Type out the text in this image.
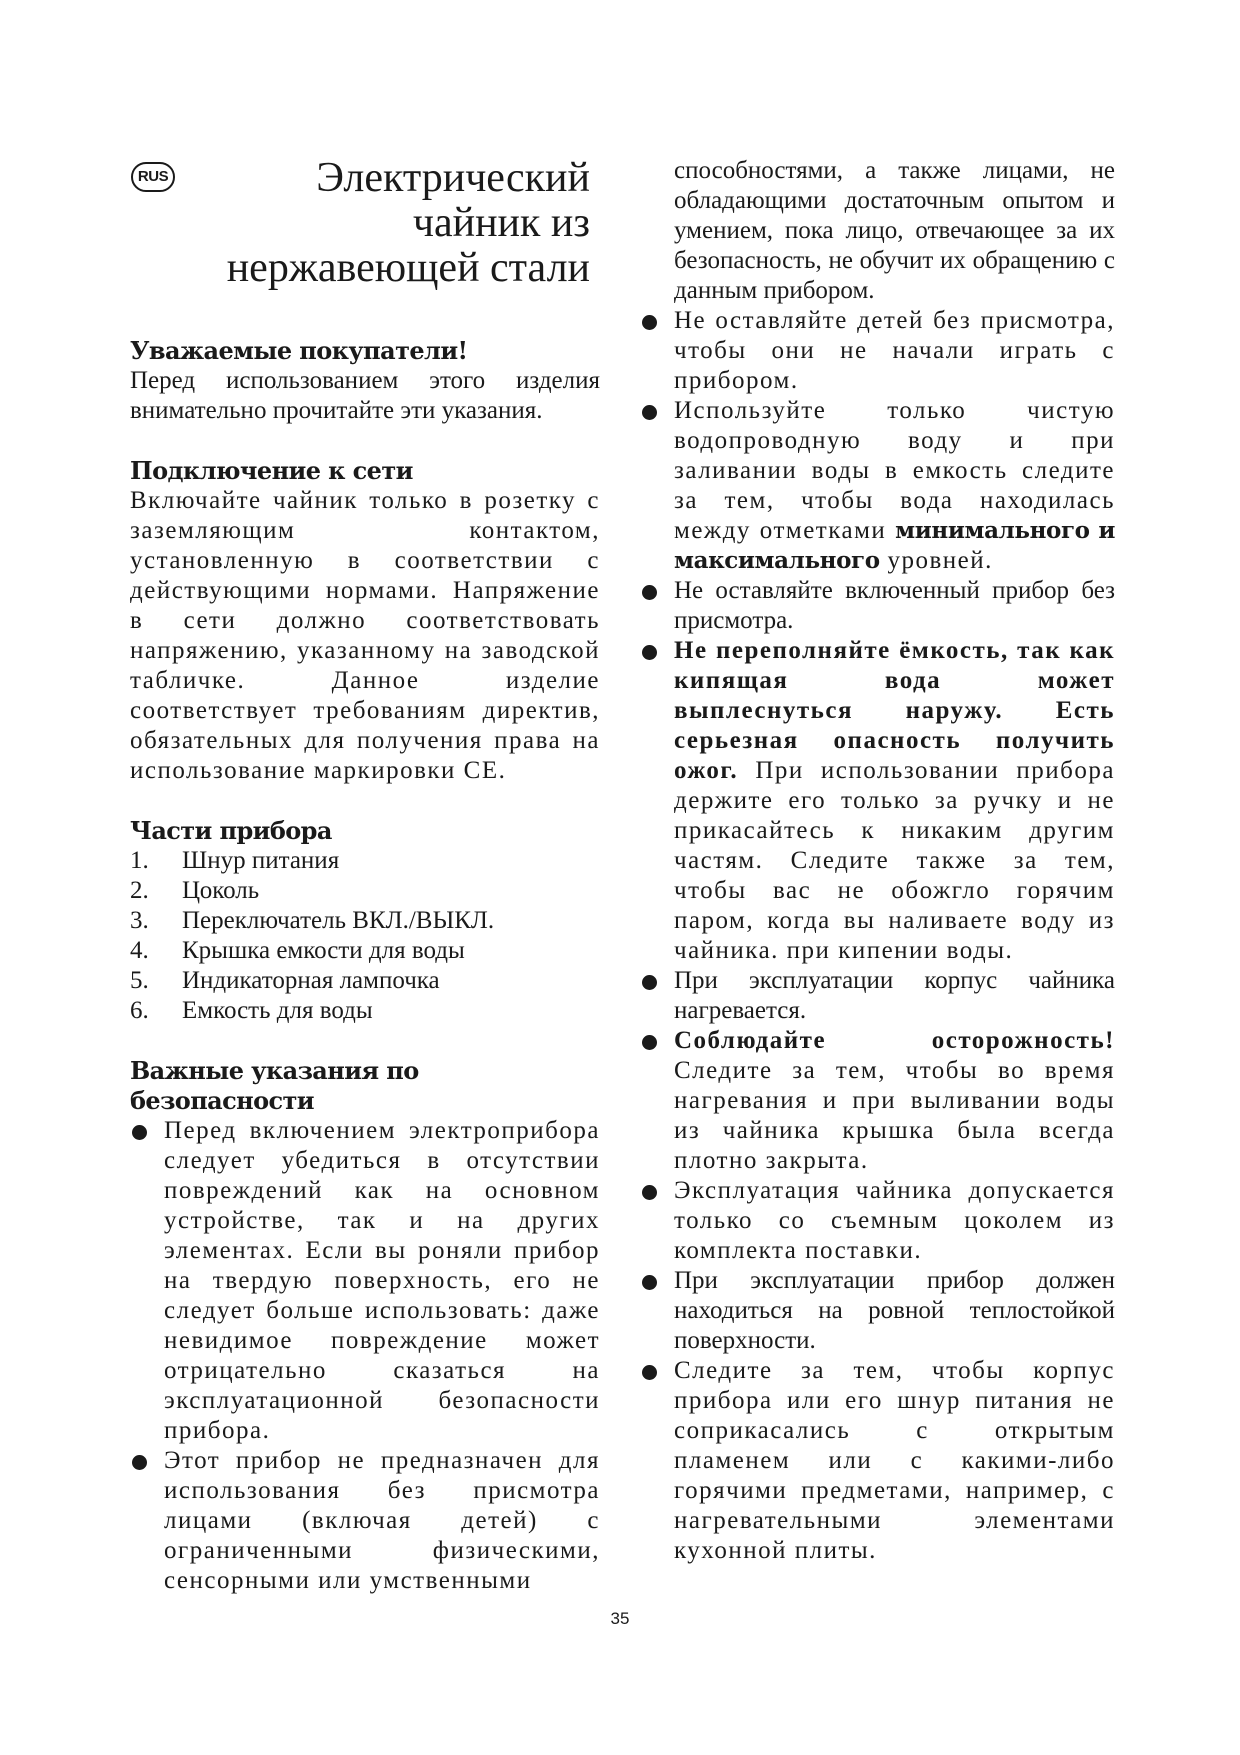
RUS	Электрический
чайник из
нержавеющей стали
Уважаемые покупатели!

Перед использованием этого изделия внимательно прочитайте эти указания.

Подключение к сети

Включайте чайник только в розетку с заземляющим контактом, установленную в соответствии с действующими нормами. Напряжение в сети должно соответствовать напряжению, указанному на заводской табличке. Данное изделие соответствует требованиям директив, обязательных для получения права на использование маркировки CE.

Части прибора
1.	Шнур питания
2.	Цоколь
3.	Переключатель ВКЛ./ВЫКЛ.
4.	Крышка емкости для воды
5.	Индикаторная лампочка
6.	Емкость для воды
Важные указания по безопасности

Перед включением электроприбора следует убедиться в отсутствии повреждений как на основном устройстве, так и на других элементах. Если вы роняли прибор на твердую поверхность, его не следует больше использовать: даже невидимое повреждение может отрицательно сказаться на эксплуатационной безопасности прибора.

Этот прибор не предназначен для использования без присмотра лицами (включая детей) с ограниченными физическими, сенсорными или умственными

способностями, а также лицами, не обладающими достаточным опытом и умением, пока лицо, отвечающее за их безопасность, не обучит их обращению с данным прибором.

Не оставляйте детей без присмотра, чтобы они не начали играть с прибором.

Используйте только чистую водопроводную воду и при заливании воды в емкость следите за тем, чтобы вода находилась между отметками минимального и максимального уровней.

Не оставляйте включенный прибор без присмотра.

Не переполняйте ёмкость, так как кипящая вода может выплеснуться наружу. Есть серьезная опасность получить ожог. При использовании прибора держите его только за ручку и не прикасайтесь к никаким другим частям. Следите также за тем, чтобы вас не обожгло горячим паром, когда вы наливаете воду из чайника. при кипении воды.

При эксплуатации корпус чайника нагревается.

Соблюдайте осторожность! Следите за тем, чтобы во время нагревания и при выливании воды из чайника крышка была всегда плотно закрыта.

Эксплуатация чайника допускается только со съемным цоколем из комплекта поставки.

При эксплуатации прибор должен находиться на ровной теплостойкой поверхности.

Следите за тем, чтобы корпус прибора или его шнур питания не соприкасались с открытым пламенем или с какими-либо горячими предметами, например, с нагревательными элементами кухонной плиты.

35
